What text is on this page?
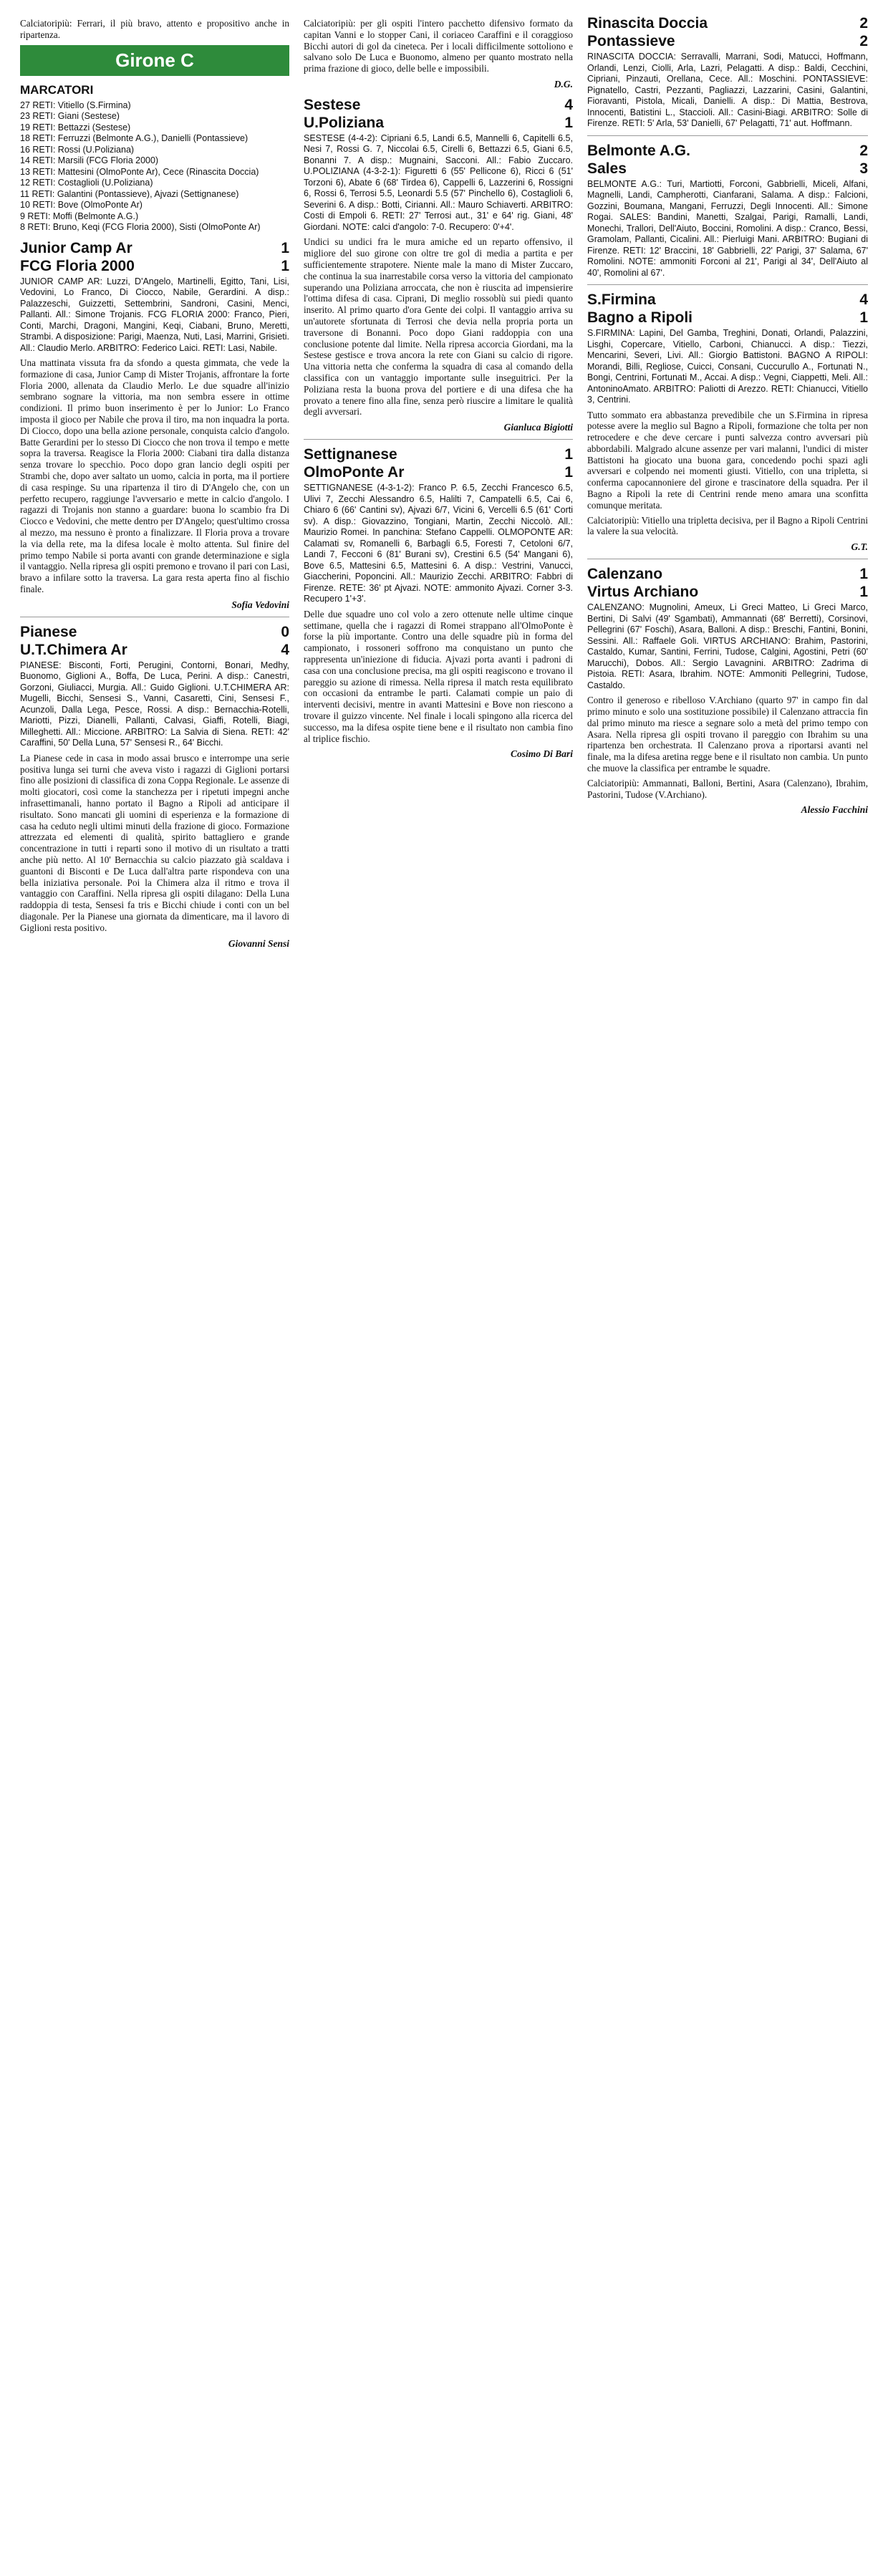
Calciatoripiù: Ferrari, il più bravo, attento e propositivo anche in ripartenza.
Girone C
MARCATORI
27 RETI: Vitiello (S.Firmina)
23 RETI: Giani (Sestese)
19 RETI: Bettazzi (Sestese)
18 RETI: Ferruzzi (Belmonte A.G.), Danielli (Pontassieve)
16 RETI: Rossi (U.Poliziana)
14 RETI: Marsili (FCG Floria 2000)
13 RETI: Mattesini (OlmoPonte Ar), Cece (Rinascita Doccia)
12 RETI: Costaglioli (U.Poliziana)
11 RETI: Galantini (Pontassieve), Ajvazi (Settignanese)
10 RETI: Bove (OlmoPonte Ar)
9 RETI: Moffi (Belmonte A.G.)
8 RETI: Bruno, Keqi (FCG Floria 2000), Sisti (OlmoPonte Ar)
Junior Camp Ar	1
FCG Floria 2000	1
JUNIOR CAMP AR: Luzzi, D'Angelo, Martinelli, Egitto, Tani, Lisi, Vedovini, Lo Franco, Di Ciocco, Nabile, Gerardini. A disp.: Palazzeschi, Guizzetti, Settembrini, Sandroni, Casini, Menci, Pallanti. All.: Simone Trojanis. FCG FLORIA 2000: Franco, Pieri, Conti, Marchi, Dragoni, Mangini, Keqi, Ciabani, Bruno, Meretti, Strambi. A disposizione: Parigi, Maenza, Nuti, Lasi, Marrini, Grisieti. All.: Claudio Merlo. ARBITRO: Federico Laici. RETI: Lasi, Nabile.
Una mattinata vissuta fra da sfondo a questa gimmata, che vede la formazione di casa, Junior Camp di Mister Trojanis, affrontare la forte Floria 2000, allenata da Claudio Merlo. Le due squadre all'inizio sembrano sognare la vittoria, ma non sembra essere in ottime condizioni. Il primo buon inserimento è per lo Junior: Lo Franco imposta il gioco per Nabile che prova il tiro, ma non inquadra la porta. Di Ciocco, dopo una bella azione personale, conquista calcio d'angolo. Batte Gerardini per lo stesso Di Ciocco che non trova il tempo e mette sopra la traversa. Reagisce la Floria 2000: Ciabani tira dalla distanza senza trovare lo specchio. Poco dopo gran lancio degli ospiti per Strambi che, dopo aver saltato un uomo, calcia in porta, ma il portiere di casa respinge. Su una ripartenza il tiro di D'Angelo che, con un perfetto recupero, raggiunge l'avversario e mette in calcio d'angolo. I ragazzi di Trojanis non stanno a guardare: buona lo scambio fra Di Ciocco e Vedovini, che mette dentro per D'Angelo; quest'ultimo crossa al mezzo, ma nessuno è pronto a finalizzare. Il Floria prova a trovare la via della rete, ma la difesa locale è molto attenta. Sul finire del primo tempo Nabile si porta avanti con grande determinazione e sigla il vantaggio. Nella ripresa gli ospiti premono e trovano il pari con Lasi, bravo a infilare sotto la traversa. La gara resta aperta fino al fischio finale.
Sofia Vedovini
Pianese	0
U.T.Chimera Ar	4
PIANESE: Bisconti, Forti, Perugini, Contorni, Bonari, Medhy, Buonomo, Giglioni A., Boffa, De Luca, Perini. A disp.: Canestri, Gorzoni, Giuliacci, Murgia. All.: Guido Giglioni. U.T.CHIMERA AR: Mugelli, Bicchi, Sensesi S., Vanni, Casaretti, Cini, Sensesi F., Acunzoli, Dalla Lega, Pesce, Rossi. A disp.: Bernacchia-Rotelli, Mariotti, Pizzi, Dianelli, Pallanti, Calvasi, Giaffi, Rotelli, Biagi, Milleghetti. All.: Miccione. ARBITRO: La Salvia di Siena. RETI: 42' Caraffini, 50' Della Luna, 57' Sensesi R., 64' Bicchi.
La Pianese cede in casa in modo assai brusco e interrompe una serie positiva lunga sei turni che aveva visto i ragazzi di Giglioni portarsi fino alle posizioni di classifica di zona Coppa Regionale. Le assenze di molti giocatori, così come la stanchezza per i ripetuti impegni anche infrasettimanali, hanno portato il Bagno a Ripoli ad anticipare il risultato. Sono mancati gli uomini di esperienza e la formazione di casa ha ceduto negli ultimi minuti della frazione di gioco. Formazione attrezzata ed elementi di qualità, spirito battagliero e grande concentrazione in tutti i reparti sono il motivo di un risultato a tratti anche più netto. Al 10' Bernacchia su calcio piazzato già scaldava i guantoni di Bisconti e De Luca dall'altra parte rispondeva con una bella iniziativa personale. Poi la Chimera alza il ritmo e trova il vantaggio con Caraffini. Nella ripresa gli ospiti dilagano: Della Luna raddoppia di testa, Sensesi fa tris e Bicchi chiude i conti con un bel diagonale. Per la Pianese una giornata da dimenticare, ma il lavoro di Giglioni resta positivo.
Giovanni Sensi
Calciatoripiù: per gli ospiti l'intero pacchetto difensivo formato da capitan Vanni e lo stopper Cani, il coriaceo Caraffini e il coraggioso Bicchi autori di gol da cineteca. Per i locali difficilmente sottoliono e salvano solo De Luca e Buonomo, almeno per quanto mostrato nella prima frazione di gioco, delle belle e impossibili.
D.G.
Sestese	4
U.Poliziana	1
SESTESE (4-4-2): Cipriani 6.5, Landi 6.5, Mannelli 6, Capitelli 6.5, Nesi 7, Rossi G. 7, Niccolai 6.5, Cirelli 6, Bettazzi 6.5, Giani 6.5, Bonanni 7. A disp.: Mugnaini, Sacconi. All.: Fabio Zuccaro. U.POLIZIANA (4-3-2-1): Figuretti 6 (55' Pellicone 6), Ricci 6 (51' Torzoni 6), Abate 6 (68' Tirdea 6), Cappelli 6, Lazzerini 6, Rossigni 6, Rossi 6, Terrosi 5.5, Leonardi 5.5 (57' Pinchello 6), Costaglioli 6, Severini 6. A disp.: Botti, Cirianni. All.: Mauro Schiaverti. ARBITRO: Costi di Empoli 6. RETI: 27' Terrosi aut., 31' e 64' rig. Giani, 48' Giordani. NOTE: calci d'angolo: 7-0. Recupero: 0'+4'.
Undici su undici fra le mura amiche ed un reparto offensivo, il migliore del suo girone con oltre tre gol di media a partita e per sufficientemente strapotere. Niente male la mano di Mister Zuccaro, che continua la sua inarrestabile corsa verso la vittoria del campionato superando una Poliziana arroccata, che non è riuscita ad impensierire l'ottima difesa di casa. Ciprani, Di meglio rossoblù sui piedi quanto inserito. Al primo quarto d'ora Gente dei colpi. Il vantaggio arriva su un'autorete sfortunata di Terrosi che devia nella propria porta un traversone di Bonanni. Poco dopo Giani raddoppia con una conclusione potente dal limite. Nella ripresa accorcia Giordani, ma la Sestese gestisce e trova ancora la rete con Giani su calcio di rigore. Una vittoria netta che conferma la squadra di casa al comando della classifica con un vantaggio importante sulle inseguitrici. Per la Poliziana resta la buona prova del portiere e di una difesa che ha provato a tenere fino alla fine, senza però riuscire a limitare le qualità degli avversari.
Gianluca Bigiotti
Settignanese	1
OlmoPonte Ar	1
SETTIGNANESE (4-3-1-2): Franco P. 6.5, Zecchi Francesco 6.5, Ulivi 7, Zecchi Alessandro 6.5, Halilti 7, Campatelli 6.5, Cai 6, Chiaro 6 (66' Cantini sv), Ajvazi 6/7, Vicini 6, Vercelli 6.5 (61' Corti sv). A disp.: Giovazzino, Tongiani, Martin, Zecchi Niccolò. All.: Maurizio Romei. In panchina: Stefano Cappelli. OLMOPONTE AR: Calamati sv, Romanelli 6, Barbagli 6.5, Foresti 7, Cetoloni 6/7, Landi 7, Fecconi 6 (81' Burani sv), Crestini 6.5 (54' Mangani 6), Bove 6.5, Mattesini 6.5, Mattesini 6. A disp.: Vestrini, Vanucci, Giaccherini, Poponcini. All.: Maurizio Zecchi. ARBITRO: Fabbri di Firenze. RETE: 36' pt Ajvazi. NOTE: ammonito Ajvazi. Corner 3-3. Recupero 1'+3'.
Delle due squadre uno col volo a zero ottenute nelle ultime cinque settimane, quella che i ragazzi di Romei strappano all'OlmoPonte è forse la più importante. Contro una delle squadre più in forma del campionato, i rossoneri soffrono ma conquistano un punto che rappresenta un'iniezione di fiducia. Ajvazi porta avanti i padroni di casa con una conclusione precisa, ma gli ospiti reagiscono e trovano il pareggio su azione di rimessa. Nella ripresa il match resta equilibrato con occasioni da entrambe le parti. Calamati compie un paio di interventi decisivi, mentre in avanti Mattesini e Bove non riescono a trovare il guizzo vincente. Nel finale i locali spingono alla ricerca del successo, ma la difesa ospite tiene bene e il risultato non cambia fino al triplice fischio.
Cosimo Di Bari
Rinascita Doccia	2
Pontassieve	2
RINASCITA DOCCIA: Serravalli, Marrani, Sodi, Matucci, Hoffmann, Orlandi, Lenzi, Ciolli, Arla, Lazri, Pelagatti. A disp.: Baldi, Cecchini, Cipriani, Pinzauti, Orellana, Cece. All.: Moschini. PONTASSIEVE: Pignatello, Castri, Pezzanti, Pagliazzi, Lazzarini, Casini, Galantini, Fioravanti, Pistola, Micali, Danielli. A disp.: Di Mattia, Bestrova, Innocenti, Batistini L., Staccioli. All.: Casini-Biagi. ARBITRO: Solle di Firenze. RETI: 5' Arla, 53' Danielli, 67' Pelagatti, 71' aut. Hoffmann.
Belmonte A.G.	2
Sales	3
BELMONTE A.G.: Turi, Martiotti, Forconi, Gabbrielli, Miceli, Alfani, Magnelli, Landi, Campherotti, Cianfarani, Salama. A disp.: Falcioni, Gozzini, Boumana, Mangani, Ferruzzi, Degli Innocenti. All.: Simone Rogai. SALES: Bandini, Manetti, Szalgai, Parigi, Ramalli, Landi, Monechi, Trallori, Dell'Aiuto, Boccini, Romolini. A disp.: Cranco, Bessi, Gramolam, Pallanti, Cicalini. All.: Pierluigi Mani. ARBITRO: Bugiani di Firenze. RETI: 12' Braccini, 18' Gabbrielli, 22' Parigi, 37' Salama, 67' Romolini. NOTE: ammoniti Forconi al 21', Parigi al 34', Dell'Aiuto al 40', Romolini al 67'.
S.Firmina	4
Bagno a Ripoli	1
S.FIRMINA: Lapini, Del Gamba, Treghini, Donati, Orlandi, Palazzini, Lisghi, Copercare, Vitiello, Carboni, Chianucci. A disp.: Tiezzi, Mencarini, Severi, Livi. All.: Giorgio Battistoni. BAGNO A RIPOLI: Morandi, Billi, Regliose, Cuicci, Consani, Cuccurullo A., Fortunati N., Bongi, Centrini, Fortunati M., Accai. A disp.: Vegni, Ciappetti, Meli. All.: AntoninoAmato. ARBITRO: Paliotti di Arezzo. RETI: Chianucci, Vitiello 3, Centrini.
Tutto sommato era abbastanza prevedibile che un S.Firmina in ripresa potesse avere la meglio sul Bagno a Ripoli, formazione che tolta per non retrocedere e che deve cercare i punti salvezza contro avversari più abbordabili. Malgrado alcune assenze per vari malanni, l'undici di mister Battistoni ha giocato una buona gara, concedendo pochi spazi agli avversari e colpendo nei momenti giusti. Vitiello, con una tripletta, si conferma capocannoniere del girone e trascinatore della squadra. Per il Bagno a Ripoli la rete di Centrini rende meno amara una sconfitta comunque meritata.
Calciatoripiù: Vitiello una tripletta decisiva, per il Bagno a Ripoli Centrini la valere la sua velocità.
G.T.
Calenzano	1
Virtus Archiano	1
CALENZANO: Mugnolini, Ameux, Li Greci Matteo, Li Greci Marco, Bertini, Di Salvi (49' Sgambati), Ammannati (68' Berretti), Corsinovi, Pellegrini (67' Foschi), Asara, Balloni. A disp.: Breschi, Fantini, Bonini, Sessini. All.: Raffaele Goli. VIRTUS ARCHIANO: Brahim, Pastorini, Castaldo, Kumar, Santini, Ferrini, Tudose, Calgini, Agostini, Petri (60' Marucchi), Dobos. All.: Sergio Lavagnini. ARBITRO: Zadrima di Pistoia. RETI: Asara, Ibrahim. NOTE: Ammoniti Pellegrini, Tudose, Castaldo.
Contro il generoso e ribelloso V.Archiano (quarto 97' in campo fin dal primo minuto e solo una sostituzione possibile) il Calenzano attraccia fin dal primo minuto ma riesce a segnare solo a metà del primo tempo con Asara. Nella ripresa gli ospiti trovano il pareggio con Ibrahim su una ripartenza ben orchestrata. Il Calenzano prova a riportarsi avanti nel finale, ma la difesa aretina regge bene e il risultato non cambia. Un punto che muove la classifica per entrambe le squadre.
Calciatoripiù: Ammannati, Balloni, Bertini, Asara (Calenzano), Ibrahim, Pastorini, Tudose (V.Archiano).
Alessio Facchini
